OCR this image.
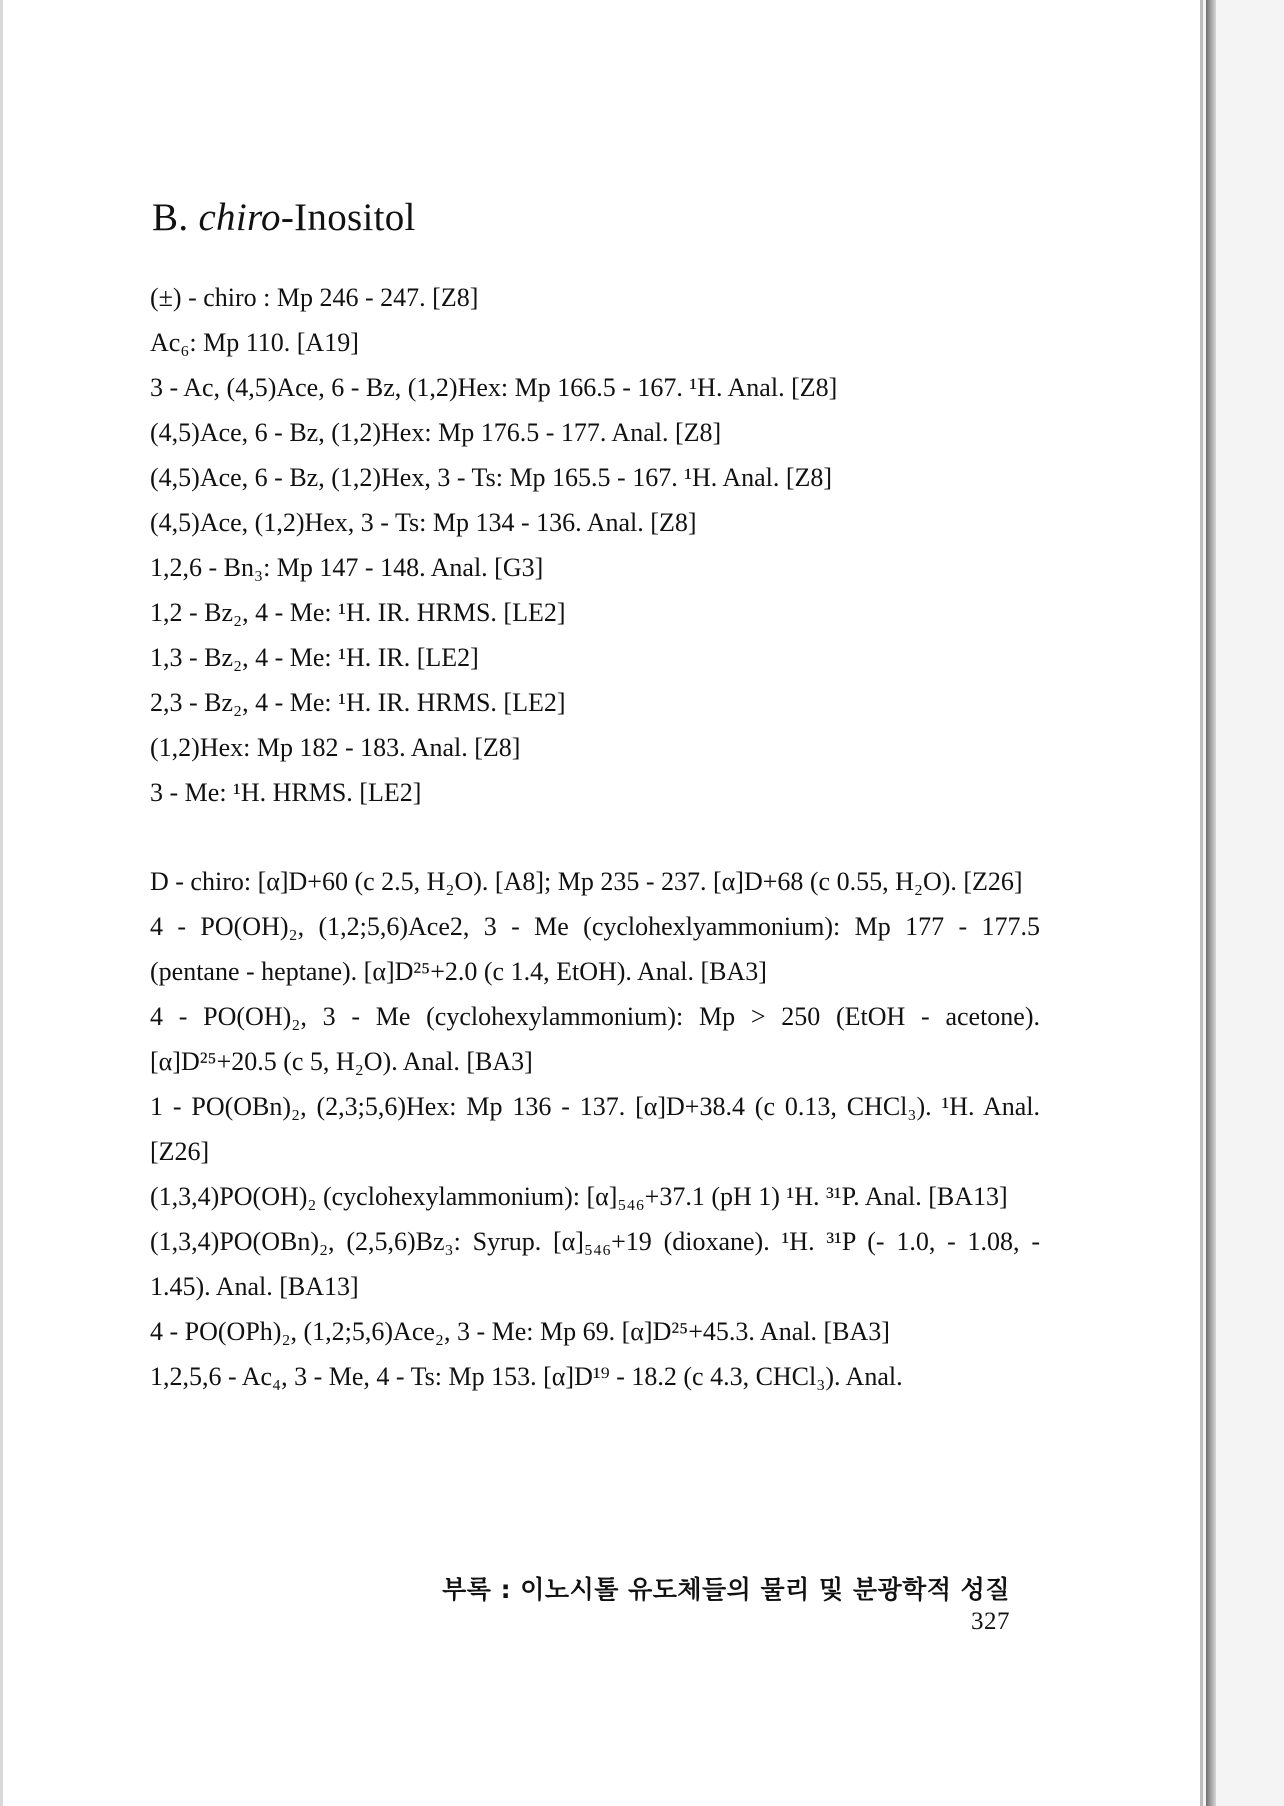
B. chiro-Inositol

(±) - chiro : Mp 246 - 247. [Z8]

Ac₆: Mp 110. [A19]

3 - Ac, (4,5)Ace, 6 - Bz, (1,2)Hex: Mp 166.5 - 167. ¹H. Anal. [Z8]

(4,5)Ace, 6 - Bz, (1,2)Hex: Mp 176.5 - 177. Anal. [Z8]

(4,5)Ace, 6 - Bz, (1,2)Hex, 3 - Ts: Mp 165.5 - 167. ¹H. Anal. [Z8]

(4,5)Ace, (1,2)Hex, 3 - Ts: Mp 134 - 136. Anal. [Z8]

1,2,6 - Bn₃: Mp 147 - 148. Anal. [G3]

1,2 - Bz₂, 4 - Me: ¹H. IR. HRMS. [LE2]

1,3 - Bz₂, 4 - Me: ¹H. IR. [LE2]

2,3 - Bz₂, 4 - Me: ¹H. IR. HRMS. [LE2]

(1,2)Hex: Mp 182 - 183. Anal. [Z8]

3 - Me: ¹H. HRMS. [LE2]

D - chiro: [α]D+60 (c 2.5, H₂O). [A8]; Mp 235 - 237. [α]D+68 (c 0.55, H₂O). [Z26]

4 - PO(OH)₂, (1,2;5,6)Ace2, 3 - Me (cyclohexlyammonium): Mp 177 - 177.5 (pentane - heptane). [α]D²⁵+2.0 (c 1.4, EtOH). Anal. [BA3]

4 - PO(OH)₂, 3 - Me (cyclohexylammonium): Mp > 250 (EtOH - acetone). [α]D²⁵+20.5 (c 5, H₂O). Anal. [BA3]

1 - PO(OBn)₂, (2,3;5,6)Hex: Mp 136 - 137. [α]D+38.4 (c 0.13, CHCl₃). ¹H. Anal. [Z26]

(1,3,4)PO(OH)₂ (cyclohexylammonium): [α]₅₄₆+37.1 (pH 1) ¹H. ³¹P. Anal. [BA13]

(1,3,4)PO(OBn)₂, (2,5,6)Bz₃: Syrup. [α]₅₄₆+19 (dioxane). ¹H. ³¹P (- 1.0, - 1.08, - 1.45). Anal. [BA13]

4 - PO(OPh)₂, (1,2;5,6)Ace₂, 3 - Me: Mp 69. [α]D²⁵+45.3. Anal. [BA3]

1,2,5,6 - Ac₄, 3 - Me, 4 - Ts: Mp 153. [α]D¹⁹ - 18.2 (c 4.3, CHCl₃). Anal.

부록 : 이노시톨 유도체들의 물리 및 분광학적 성질327
